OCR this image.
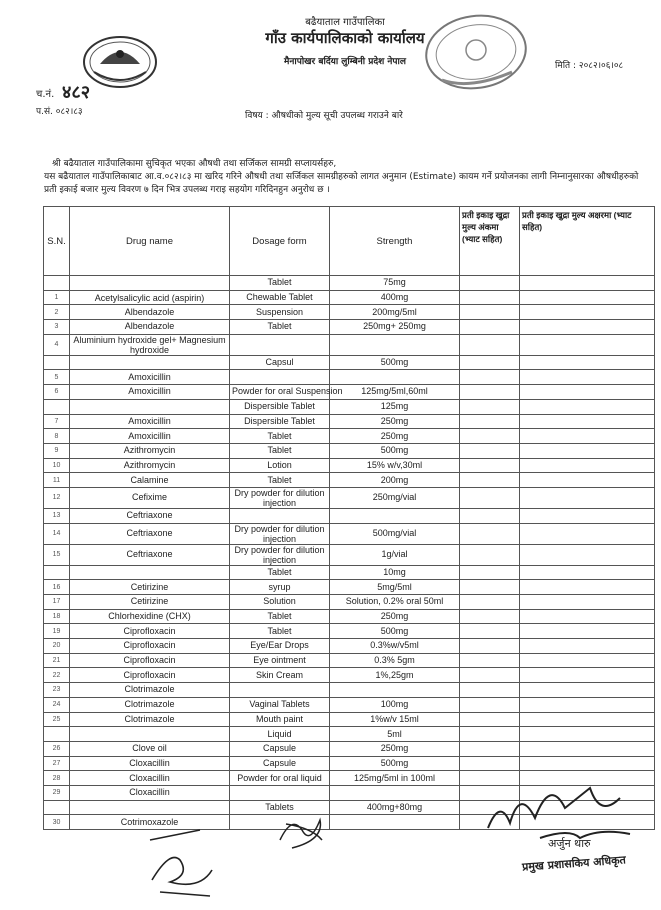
बढैयाताल गाउँपालिका
गाँउ कार्यपालिकाको कार्यालय
मैनापोखर बर्दिया लुम्बिनी प्रदेश नेपाल	मिति : २०८२।०६।०८
च.नं. ४८२
प.सं. ०८२।८३	विषय : औषधीको मुल्य सूची उपलब्ध गराउने बारे
श्री बढैयाताल गाउँपालिकामा सुचिकृत भएका औषधी तथा सर्जिकल सामग्री सप्लायर्सहरु,
यस बढैयाताल गाउँपालिकाबाट आ.व.०८२।८३ मा खरिद गरिने औषधी तथा सर्जिकल सामग्रीहरुको लागत अनुमान (Estimate) कायम गर्ने प्रयोजनका लागी निम्नानुसारका औषधीहरुको प्रती इकाई बजार मुल्य विवरण ७ दिन भित्र उपलब्ध गराइ सहयोग गरिदिनहुन अनुरोध छ ।
S.N.	Drug name	Dosage form	Strength	प्रती इकाइ खुद्रा मुल्य अंकमा (भ्याट सहित)	प्रती इकाइ खुद्रा मुल्य अक्षरमा (भ्याट सहित)
		Tablet	75mg		
1	Acetylsalicylic acid (aspirin)	Chewable Tablet	400mg		
2	Albendazole	Suspension	200mg/5ml		
3	Albendazole	Tablet	250mg+ 250mg		
4	Aluminium hydroxide gel+ Magnesium hydroxide				
		Capsul	500mg		
5	Amoxicillin				
6	Amoxicillin	Powder for oral Suspension	125mg/5ml,60ml		
		Dispersible Tablet	125mg		
7	Amoxicillin	Dispersible Tablet	250mg		
8	Amoxicillin	Tablet	250mg		
9	Azithromycin	Tablet	500mg		
10	Azithromycin	Lotion	15% w/v,30ml		
11	Calamine	Tablet	200mg		
12	Cefixime	Dry powder for dilution injection	250mg/vial		
13	Ceftriaxone				
14	Ceftriaxone	Dry powder for dilution injection	500mg/vial		
15	Ceftriaxone	Dry powder for dilution injection	1g/vial		
		Tablet	10mg		
16	Cetirizine	syrup	5mg/5ml		
17	Cetirizine	Solution	Solution, 0.2% oral 50ml		
18	Chlorhexidine (CHX)	Tablet	250mg		
19	Ciprofloxacin	Tablet	500mg		
20	Ciprofloxacin	Eye/Ear Drops	0.3%w/v5ml		
21	Ciprofloxacin	Eye ointment	0.3% 5gm		
22	Ciprofloxacin	Skin Cream	1%,25gm		
23	Clotrimazole				
24	Clotrimazole	Vaginal Tablets	100mg		
25	Clotrimazole	Mouth paint	1%w/v 15ml		
		Liquid	5ml		
26	Clove oil	Capsule	250mg		
27	Cloxacillin	Capsule	500mg		
28	Cloxacillin	Powder for oral liquid	125mg/5ml in 100ml		
29	Cloxacillin				
		Tablets	400mg+80mg		
30	Cotrimoxazole				
अर्जुन थारु
प्रमुख प्रशासकिय अधिकृत
